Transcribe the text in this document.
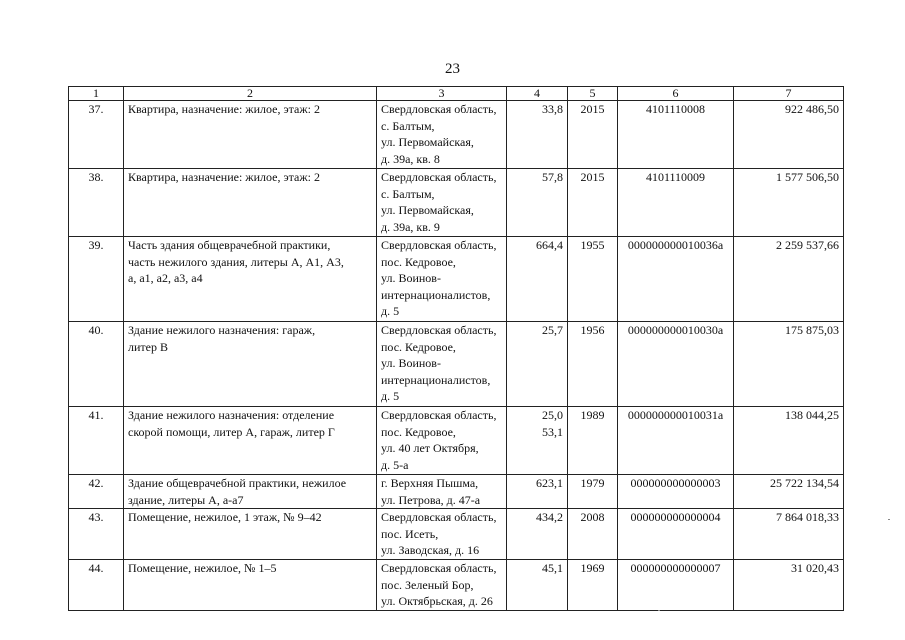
23
1	2	3	4	5	6	7
37.	Квартира, назначение: жилое, этаж: 2	Свердловская область,
с. Балтым,
ул. Первомайская,
д. 39а, кв. 8	33,8	2015	4101110008	922 486,50
38.	Квартира, назначение: жилое, этаж: 2	Свердловская область,
с. Балтым,
ул. Первомайская,
д. 39а, кв. 9	57,8	2015	4101110009	1 577 506,50
39.	Часть здания общеврачебной практики,
часть нежилого здания, литеры А, А1, А3,
а, а1, а2, а3, а4	Свердловская область,
пос. Кедровое,
ул. Воинов-
интернационалистов,
д. 5	664,4	1955	000000000010036а	2 259 537,66
40.	Здание нежилого назначения: гараж,
литер В	Свердловская область,
пос. Кедровое,
ул. Воинов-
интернационалистов,
д. 5	25,7	1956	000000000010030а	175 875,03
41.	Здание нежилого назначения: отделение
скорой помощи, литер А, гараж, литер Г	Свердловская область,
пос. Кедровое,
ул. 40 лет Октября,
д. 5-а	25,0
53,1	1989	000000000010031а	138 044,25
42.	Здание общеврачебной практики, нежилое
здание, литеры А, а-а7	г. Верхняя Пышма,
ул. Петрова, д. 47-а	623,1	1979	000000000000003	25 722 134,54
43.	Помещение, нежилое, 1 этаж, № 9–42	Свердловская область,
пос. Исеть,
ул. Заводская, д. 16	434,2	2008	000000000000004	7 864 018,33
44.	Помещение, нежилое, № 1–5	Свердловская область,
пос. Зеленый Бор,
ул. Октябрьская, д. 26	45,1	1969	000000000000007	31 020,43
